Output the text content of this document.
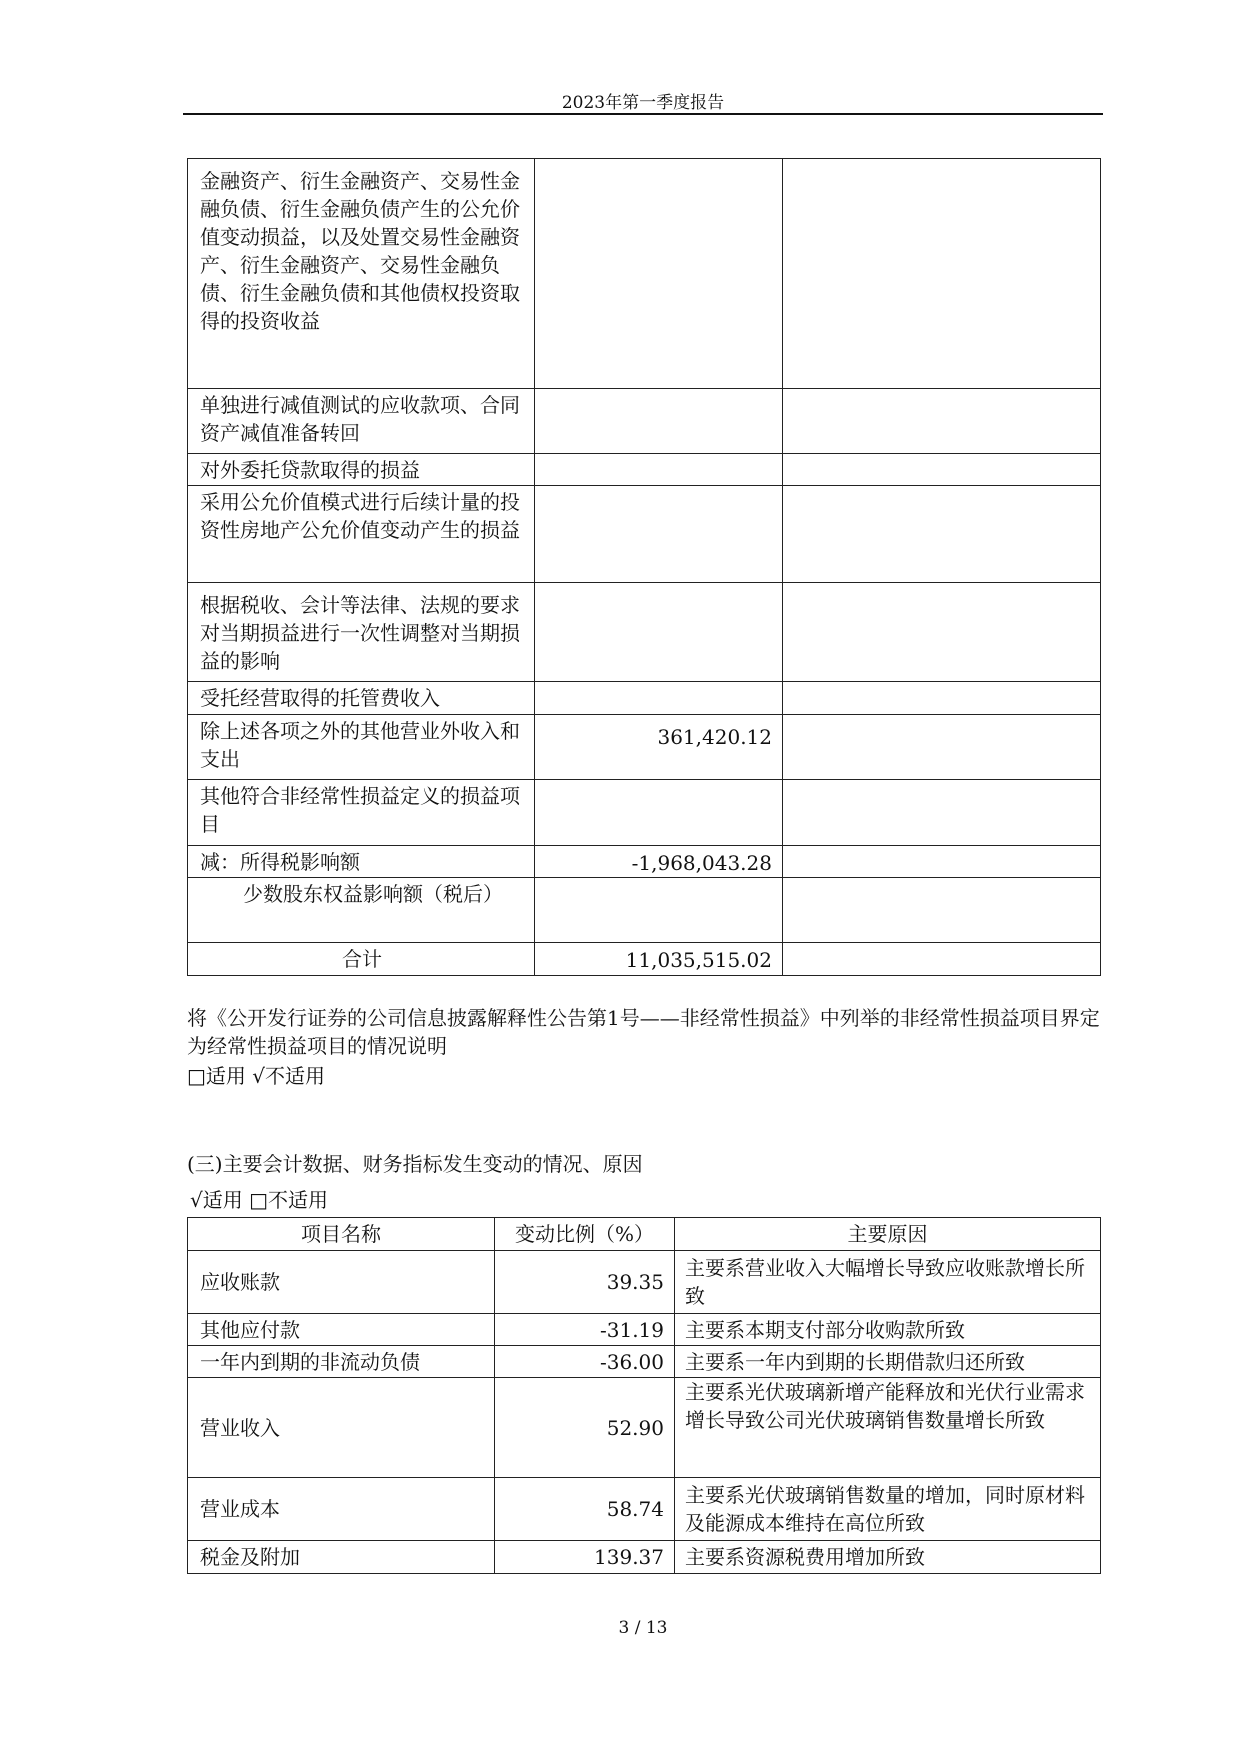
2023年第一季度报告
金融资产、衍生金融资产、交易性金融负债、衍生金融负债产生的公允价值变动损益，以及处置交易性金融资产、衍生金融资产、交易性金融负债、衍生金融负债和其他债权投资取得的投资收益		
单独进行减值测试的应收款项、合同资产减值准备转回		
对外委托贷款取得的损益		
采用公允价值模式进行后续计量的投资性房地产公允价值变动产生的损益		
根据税收、会计等法律、法规的要求对当期损益进行一次性调整对当期损益的影响		
受托经营取得的托管费收入		
除上述各项之外的其他营业外收入和支出	361,420.12	
其他符合非经常性损益定义的损益项目		
减：所得税影响额	-1,968,043.28	
少数股东权益影响额（税后）		
合计	11,035,515.02	
将《公开发行证券的公司信息披露解释性公告第1号——非经常性损益》中列举的非经常性损益项目界定为经常性损益项目的情况说明
□适用 √不适用
(三)主要会计数据、财务指标发生变动的情况、原因
√适用 □不适用
项目名称	变动比例（%）	主要原因
应收账款	39.35	主要系营业收入大幅增长导致应收账款增长所致
其他应付款	-31.19	主要系本期支付部分收购款所致
一年内到期的非流动负债	-36.00	主要系一年内到期的长期借款归还所致
营业收入	52.90	主要系光伏玻璃新增产能释放和光伏行业需求增长导致公司光伏玻璃销售数量增长所致
营业成本	58.74	主要系光伏玻璃销售数量的增加，同时原材料及能源成本维持在高位所致
税金及附加	139.37	主要系资源税费用增加所致
3 / 13
